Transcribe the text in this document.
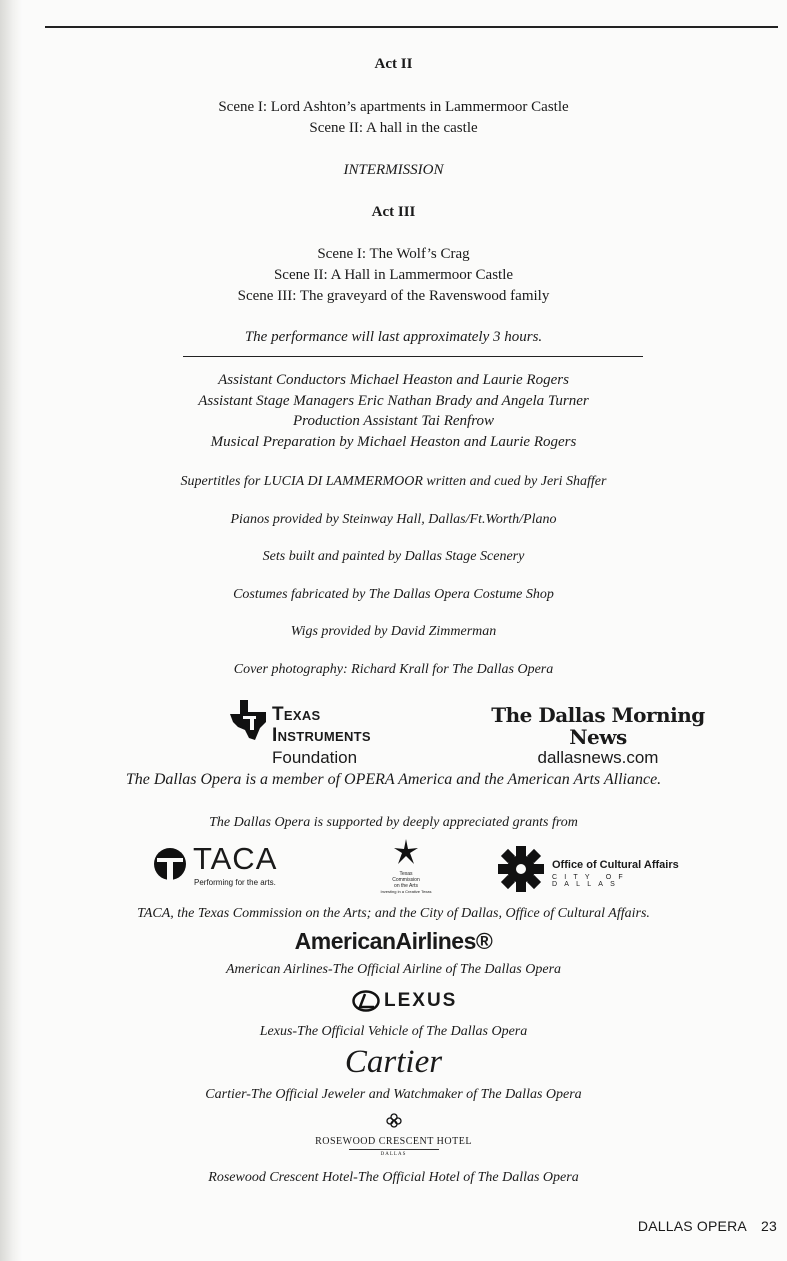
Act II
Scene I: Lord Ashton’s apartments in Lammermoor Castle
Scene II: A hall in the castle
INTERMISSION
Act III
Scene I: The Wolf’s Crag
Scene II: A Hall in Lammermoor Castle
Scene III: The graveyard of the Ravenswood family
The performance will last approximately 3 hours.
Assistant Conductors Michael Heaston and Laurie Rogers
Assistant Stage Managers Eric Nathan Brady and Angela Turner
Production Assistant Tai Renfrow
Musical Preparation by Michael Heaston and Laurie Rogers
Supertitles for LUCIA DI LAMMERMOOR written and cued by Jeri Shaffer
Pianos provided by Steinway Hall, Dallas/Ft.Worth/Plano
Sets built and painted by Dallas Stage Scenery
Costumes fabricated by The Dallas Opera Costume Shop
Wigs provided by David Zimmerman
Cover photography: Richard Krall for The Dallas Opera
Texas
Instruments
Foundation
The Dallas Morning News
dallasnews.com
The Dallas Opera is a member of OPERA America and the American Arts Alliance.
The Dallas Opera is supported by deeply appreciated grants from
TACA
Performing for the arts.
Texas
Commission
on the Arts
Investing in a Creative Texas
Office of Cultural Affairs
CITY OF DALLAS
TACA, the Texas Commission on the Arts; and the City of Dallas, Office of Cultural Affairs.
AmericanAirlines®
American Airlines-The Official Airline of The Dallas Opera
LEXUS
Lexus-The Official Vehicle of The Dallas Opera
Cartier
Cartier-The Official Jeweler and Watchmaker of The Dallas Opera
ROSEWOOD CRESCENT HOTEL
DALLAS
Rosewood Crescent Hotel-The Official Hotel of The Dallas Opera
DALLAS OPERA 23
